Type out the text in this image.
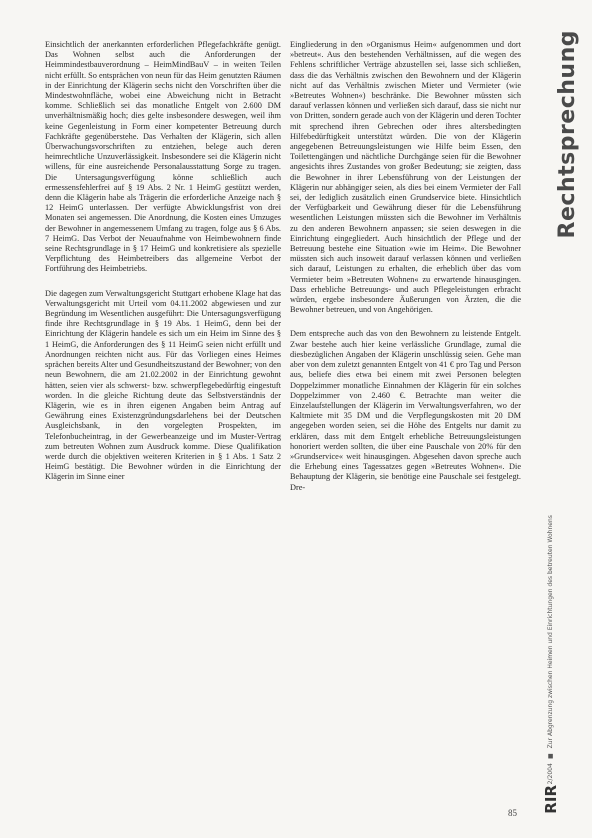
Einsichtlich der anerkannten erforderlichen Pflegefachkräfte genügt. Das Wohnen selbst auch die Anforderungen der Heimmindestbauverordnung – HeimMindBauV – in weiten Teilen nicht erfüllt. So entsprächen von neun für das Heim genutzten Räumen in der Einrichtung der Klägerin sechs nicht den Vorschriften über die Mindestwohnfläche, wobei eine Abweichung nicht in Betracht komme. Schließlich sei das monatliche Entgelt von 2.600 DM unverhältnismäßig hoch; dies gelte insbesondere deswegen, weil ihm keine Gegenleistung in Form einer kompetenter Betreuung durch Fachkräfte gegenüberstehe. Das Verhalten der Klägerin, sich allen Überwachungsvorschriften zu entziehen, belege auch deren heimrechtliche Unzuverlässigkeit. Insbesondere sei die Klägerin nicht willens, für eine ausreichende Personalausstattung Sorge zu tragen. Die Untersagungsverfügung könne schließlich auch ermessensfehlerfrei auf § 19 Abs. 2 Nr. 1 HeimG gestützt werden, denn die Klägerin habe als Trägerin die erforderliche Anzeige nach § 12 HeimG unterlassen. Der verfügte Abwicklungsfrist von drei Monaten sei angemessen. Die Anordnung, die Kosten eines Umzuges der Bewohner in angemessenem Umfang zu tragen, folge aus § 6 Abs. 7 HeimG. Das Verbot der Neuaufnahme von Heimbewohnern finde seine Rechtsgrundlage in § 17 HeimG und konkretisiere als spezielle Verpflichtung des Heimbetreibers das allgemeine Verbot der Fortführung des Heimbetriebs.

Die dagegen zum Verwaltungsgericht Stuttgart erhobene Klage hat das Verwaltungsgericht mit Urteil vom 04.11.2002 abgewiesen und zur Begründung im Wesentlichen ausgeführt: Die Untersagungsverfügung finde ihre Rechtsgrundlage in § 19 Abs. 1 HeimG, denn bei der Einrichtung der Klägerin handele es sich um ein Heim im Sinne des § 1 HeimG, die Anforderungen des § 11 HeimG seien nicht erfüllt und Anordnungen reichten nicht aus. Für das Vorliegen eines Heimes sprächen bereits Alter und Gesundheitszustand der Bewohner; von den neun Bewohnern, die am 21.02.2002 in der Einrichtung gewohnt hätten, seien vier als schwerst- bzw. schwerpflegebedürftig eingestuft worden. In die gleiche Richtung deute das Selbstverständnis der Klägerin, wie es in ihren eigenen Angaben beim Antrag auf Gewährung eines Existenzgründungsdarlehens bei der Deutschen Ausgleichsbank, in den vorgelegten Prospekten, im Telefonbucheintrag, in der Gewerbeanzeige und im Muster-Vertrag zum betreuten Wohnen zum Ausdruck komme. Diese Qualifikation werde durch die objektiven weiteren Kriterien in § 1 Abs. 1 Satz 2 HeimG bestätigt. Die Bewohner würden in die Einrichtung der Klägerin im Sinne einer

Eingliederung in den »Organismus Heim« aufgenommen und dort »betreut«. Aus den bestehenden Verhältnissen, auf die wegen des Fehlens schriftlicher Verträge abzustellen sei, lasse sich schließen, dass die das Verhältnis zwischen den Bewohnern und der Klägerin nicht auf das Verhältnis zwischen Mieter und Vermieter (wie »Betreutes Wohnen«) beschränke. Die Bewohner müssten sich darauf verlassen können und verließen sich darauf, dass sie nicht nur von Dritten, sondern gerade auch von der Klägerin und deren Tochter mit sprechend ihren Gebrechen oder ihres altersbedingten Hilfebedürftigkeit unterstützt würden. Die von der Klägerin angegebenen Betreuungsleistungen wie Hilfe beim Essen, den Toilettengängen und nächtliche Durchgänge seien für die Bewohner angesichts ihres Zustandes von großer Bedeutung; sie zeigten, dass die Bewohner in ihrer Lebensführung von der Leistungen der Klägerin nur abhängiger seien, als dies bei einem Vermieter der Fall sei, der lediglich zusätzlich einen Grundservice biete. Hinsichtlich der Verfügbarkeit und Gewährung dieser für die Lebensführung wesentlichen Leistungen müssten sich die Bewohner im Verhältnis zu den anderen Bewohnern anpassen; sie seien deswegen in die Einrichtung eingegliedert. Auch hinsichtlich der Pflege und der Betreuung bestehe eine Situation »wie im Heim«. Die Bewohner müssten sich auch insoweit darauf verlassen können und verließen sich darauf, Leistungen zu erhalten, die erheblich über das vom Vermieter beim »Betreuten Wohnen« zu erwartende hinausgingen. Dass erhebliche Betreuungs- und auch Pflegeleistungen erbracht würden, ergebe insbesondere Äußerungen von Ärzten, die die Bewohner betreuen, und von Angehörigen.

Dem entspreche auch das von den Bewohnern zu leistende Entgelt. Zwar bestehe auch hier keine verlässliche Grundlage, zumal die diesbezüglichen Angaben der Klägerin unschlüssig seien. Gehe man aber von dem zuletzt genannten Entgelt von 41 € pro Tag und Person aus, beliefe dies etwa bei einem mit zwei Personen belegten Doppelzimmer monatliche Einnahmen der Klägerin für ein solches Doppelzimmer von 2.460 €. Betrachte man weiter die Einzelaufstellungen der Klägerin im Verwaltungsverfahren, wo der Kaltmiete mit 35 DM und die Verpflegungskosten mit 20 DM angegeben worden seien, sei die Höhe des Entgelts nur damit zu erklären, dass mit dem Entgelt erhebliche Betreuungsleistungen honoriert werden sollten, die über eine Pauschale von 20% für den »Grundservice« weit hinausgingen. Abgesehen davon spreche auch die Erhebung eines Tagessatzes gegen »Betreutes Wohnen«. Die Behauptung der Klägerin, sie benötige eine Pauschale sei festgelegt. Dre-

Rechtsprechung
2/2004
■
Zur Abgrenzung zwischen Heimen und Einrichtungen des betreuten Wohnens
RIR
85
